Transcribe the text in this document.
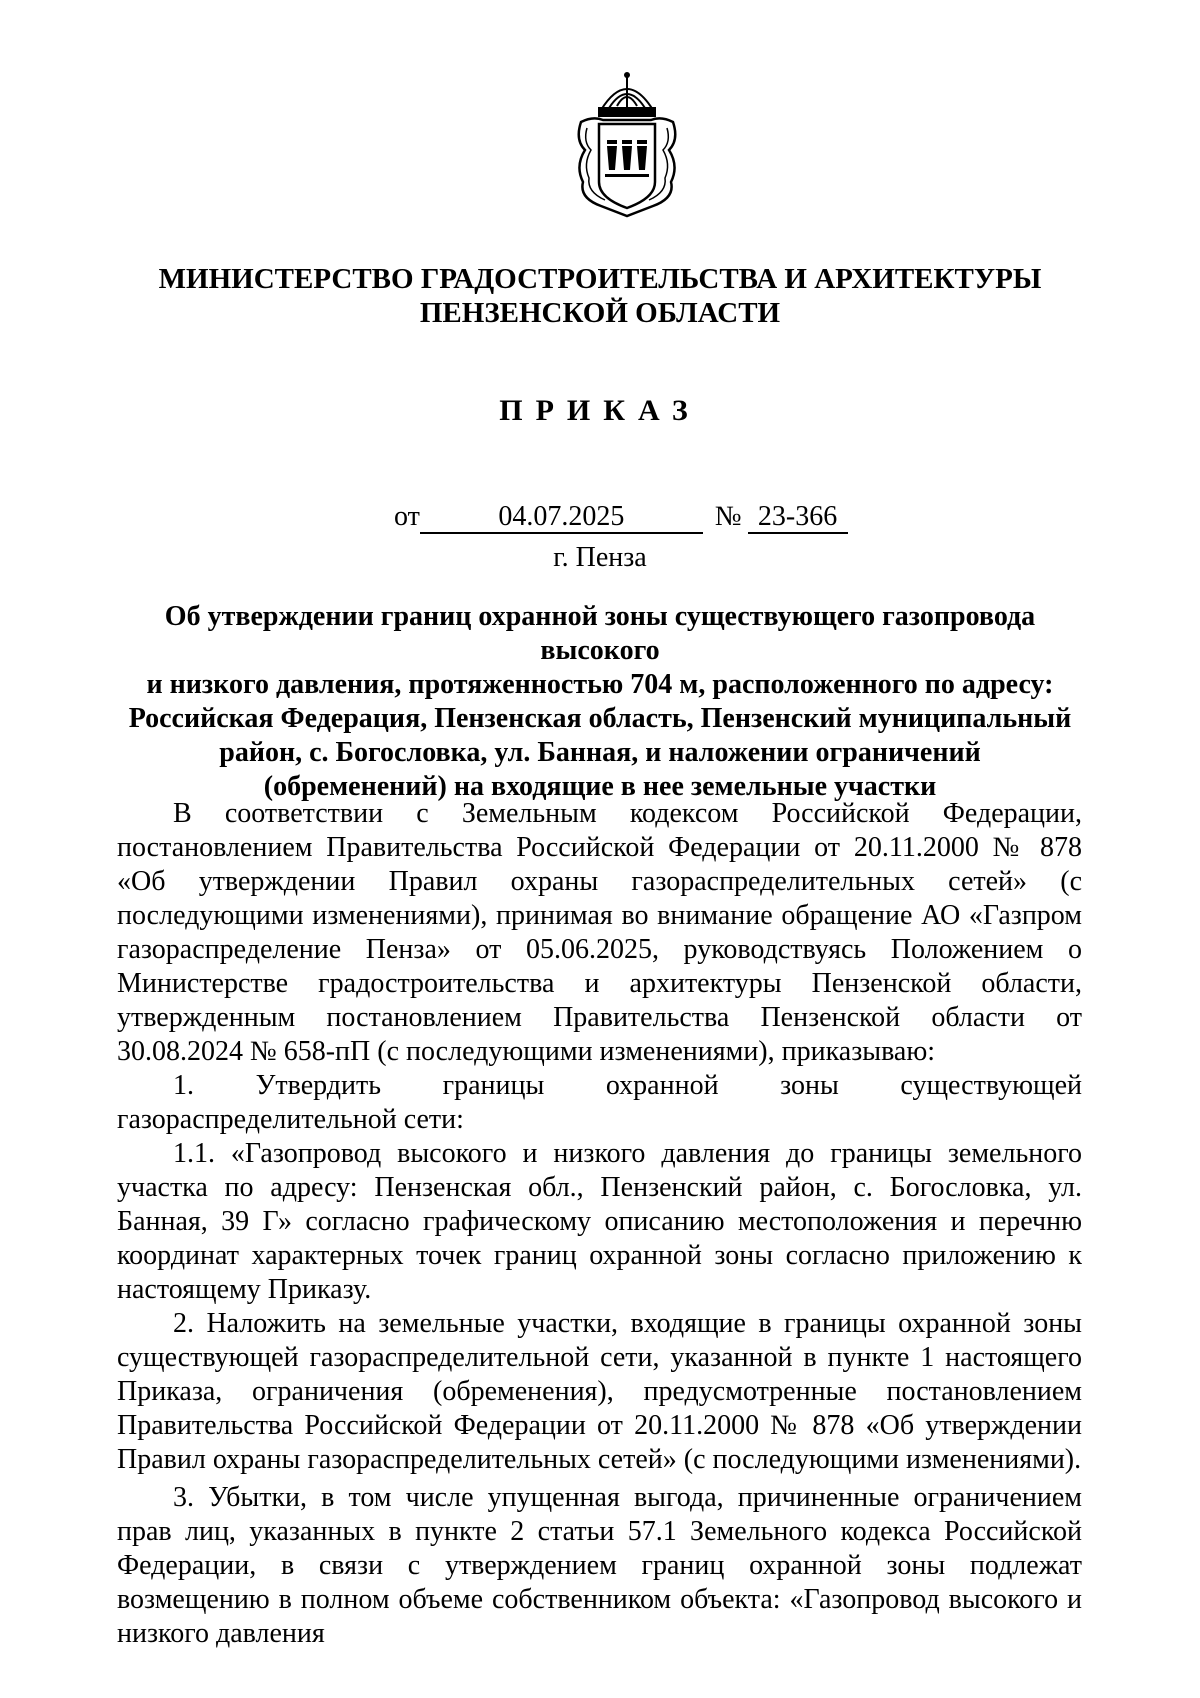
МИНИСТЕРСТВО ГРАДОСТРОИТЕЛЬСТВА И АРХИТЕКТУРЫ
ПЕНЗЕНСКОЙ ОБЛАСТИ
ПРИКАЗ
от	04.07.2025	№ 23-366
г. Пенза
Об утверждении границ охранной зоны существующего газопровода высокого
и низкого давления, протяженностью 704 м, расположенного по адресу:
Российская Федерация, Пензенская область, Пензенский муниципальный
район, с. Богословка, ул. Банная, и наложении ограничений
(обременений) на входящие в нее земельные участки

В соответствии с Земельным кодексом Российской Федерации, постановлением Правительства Российской Федерации от 20.11.2000 № 878 «Об утверждении Правил охраны газораспределительных сетей» (с последующими изменениями), принимая во внимание обращение АО «Газпром газораспределение Пенза» от 05.06.2025, руководствуясь Положением о Министерстве градостроительства и архитектуры Пензенской области, утвержденным постановлением Правительства Пензенской области от 30.08.2024 № 658-пП (с последующими изменениями), приказываю:

1. Утвердить границы охранной зоны существующей газораспределительной сети:

1.1. «Газопровод высокого и низкого давления до границы земельного участка по адресу: Пензенская обл., Пензенский район, с. Богословка, ул. Банная, 39 Г» согласно графическому описанию местоположения и перечню координат характерных точек границ охранной зоны согласно приложению к настоящему Приказу.

2. Наложить на земельные участки, входящие в границы охранной зоны существующей газораспределительной сети, указанной в пункте 1 настоящего Приказа, ограничения (обременения), предусмотренные постановлением Правительства Российской Федерации от 20.11.2000 № 878 «Об утверждении Правил охраны газораспределительных сетей» (с последующими изменениями).

3. Убытки, в том числе упущенная выгода, причиненные ограничением прав лиц, указанных в пункте 2 статьи 57.1 Земельного кодекса Российской Федерации, в связи с утверждением границ охранной зоны подлежат возмещению в полном объеме собственником объекта: «Газопровод высокого и низкого давления
